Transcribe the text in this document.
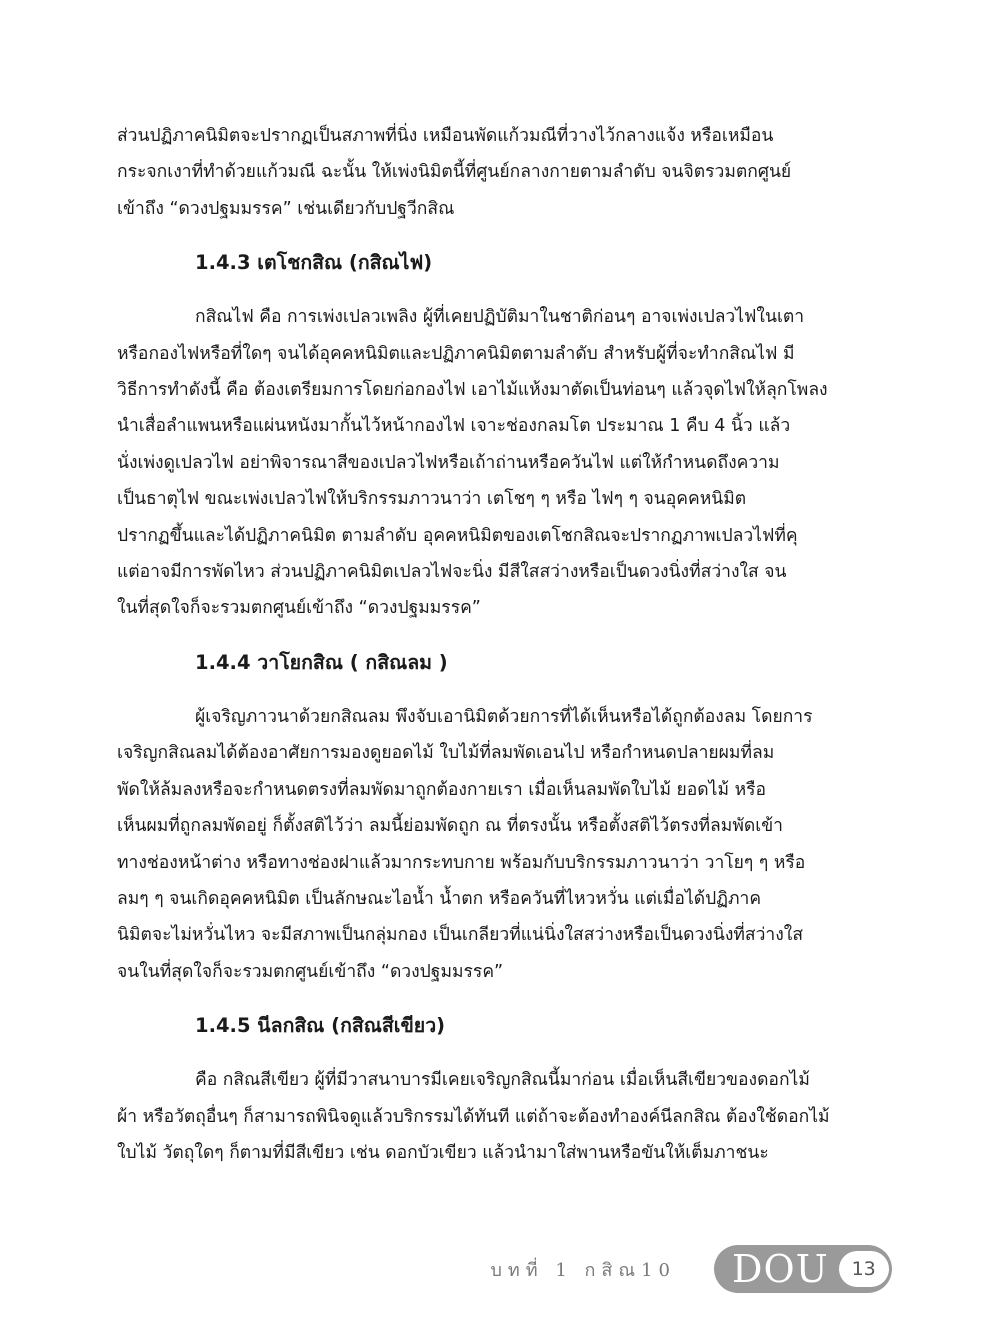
ส่วนปฏิภาคนิมิตจะปรากฏเป็นสภาพที่นิ่ง เหมือนพัดแก้วมณีที่วางไว้กลางแจ้ง หรือเหมือน

กระจกเงาที่ทำด้วยแก้วมณี ฉะนั้น ให้เพ่งนิมิตนี้ที่ศูนย์กลางกายตามลำดับ จนจิตรวมตกศูนย์

เข้าถึง “ดวงปฐมมรรค” เช่นเดียวกับปฐวีกสิณ

1.4.3 เตโชกสิณ (กสิณไฟ)

กสิณไฟ คือ การเพ่งเปลวเพลิง ผู้ที่เคยปฏิบัติมาในชาติก่อนๆ อาจเพ่งเปลวไฟในเตา

หรือกองไฟหรือที่ใดๆ จนได้อุคคหนิมิตและปฏิภาคนิมิตตามลำดับ สำหรับผู้ที่จะทำกสิณไฟ มี

วิธีการทำดังนี้ คือ ต้องเตรียมการโดยก่อกองไฟ เอาไม้แห้งมาตัดเป็นท่อนๆ แล้วจุดไฟให้ลุกโพลง

นำเสื่อลำแพนหรือแผ่นหนังมากั้นไว้หน้ากองไฟ เจาะช่องกลมโต ประมาณ 1 คืบ 4 นิ้ว แล้ว

นั่งเพ่งดูเปลวไฟ อย่าพิจารณาสีของเปลวไฟหรือเถ้าถ่านหรือควันไฟ แต่ให้กำหนดถึงความ

เป็นธาตุไฟ ขณะเพ่งเปลวไฟให้บริกรรมภาวนาว่า เตโชๆ ๆ หรือ ไฟๆ ๆ จนอุคคหนิมิต

ปรากฏขึ้นและได้ปฏิภาคนิมิต ตามลำดับ อุคคหนิมิตของเตโชกสิณจะปรากฏภาพเปลวไฟที่คุ

แต่อาจมีการพัดไหว ส่วนปฏิภาคนิมิตเปลวไฟจะนิ่ง มีสีใสสว่างหรือเป็นดวงนิ่งที่สว่างใส จน

ในที่สุดใจก็จะรวมตกศูนย์เข้าถึง “ดวงปฐมมรรค”

1.4.4 วาโยกสิณ ( กสิณลม )

ผู้เจริญภาวนาด้วยกสิณลม พึงจับเอานิมิตด้วยการที่ได้เห็นหรือได้ถูกต้องลม โดยการ

เจริญกสิณลมได้ต้องอาศัยการมองดูยอดไม้ ใบไม้ที่ลมพัดเอนไป หรือกำหนดปลายผมที่ลม

พัดให้ล้มลงหรือจะกำหนดตรงที่ลมพัดมาถูกต้องกายเรา เมื่อเห็นลมพัดใบไม้ ยอดไม้ หรือ

เห็นผมที่ถูกลมพัดอยู่ ก็ตั้งสติไว้ว่า ลมนี้ย่อมพัดถูก ณ ที่ตรงนั้น หรือตั้งสติไว้ตรงที่ลมพัดเข้า

ทางช่องหน้าต่าง หรือทางช่องฝาแล้วมากระทบกาย พร้อมกับบริกรรมภาวนาว่า วาโยๆ ๆ หรือ

ลมๆ ๆ จนเกิดอุคคหนิมิต เป็นลักษณะไอน้ำ น้ำตก หรือควันที่ไหวหวั่น แต่เมื่อได้ปฏิภาค

นิมิตจะไม่หวั่นไหว จะมีสภาพเป็นกลุ่มกอง เป็นเกลียวที่แน่นิ่งใสสว่างหรือเป็นดวงนิ่งที่สว่างใส

จนในที่สุดใจก็จะรวมตกศูนย์เข้าถึง “ดวงปฐมมรรค”

1.4.5 นีลกสิณ (กสิณสีเขียว)

คือ กสิณสีเขียว ผู้ที่มีวาสนาบารมีเคยเจริญกสิณนี้มาก่อน เมื่อเห็นสีเขียวของดอกไม้

ผ้า หรือวัตถุอื่นๆ ก็สามารถพินิจดูแล้วบริกรรมได้ทันที แต่ถ้าจะต้องทำองค์นีลกสิณ ต้องใช้ดอกไม้

ใบไม้ วัตถุใดๆ ก็ตามที่มีสีเขียว เช่น ดอกบัวเขียว แล้วนำมาใส่พานหรือขันให้เต็มภาชนะ

บทที่ 1 กสิณ10 DOU	13
